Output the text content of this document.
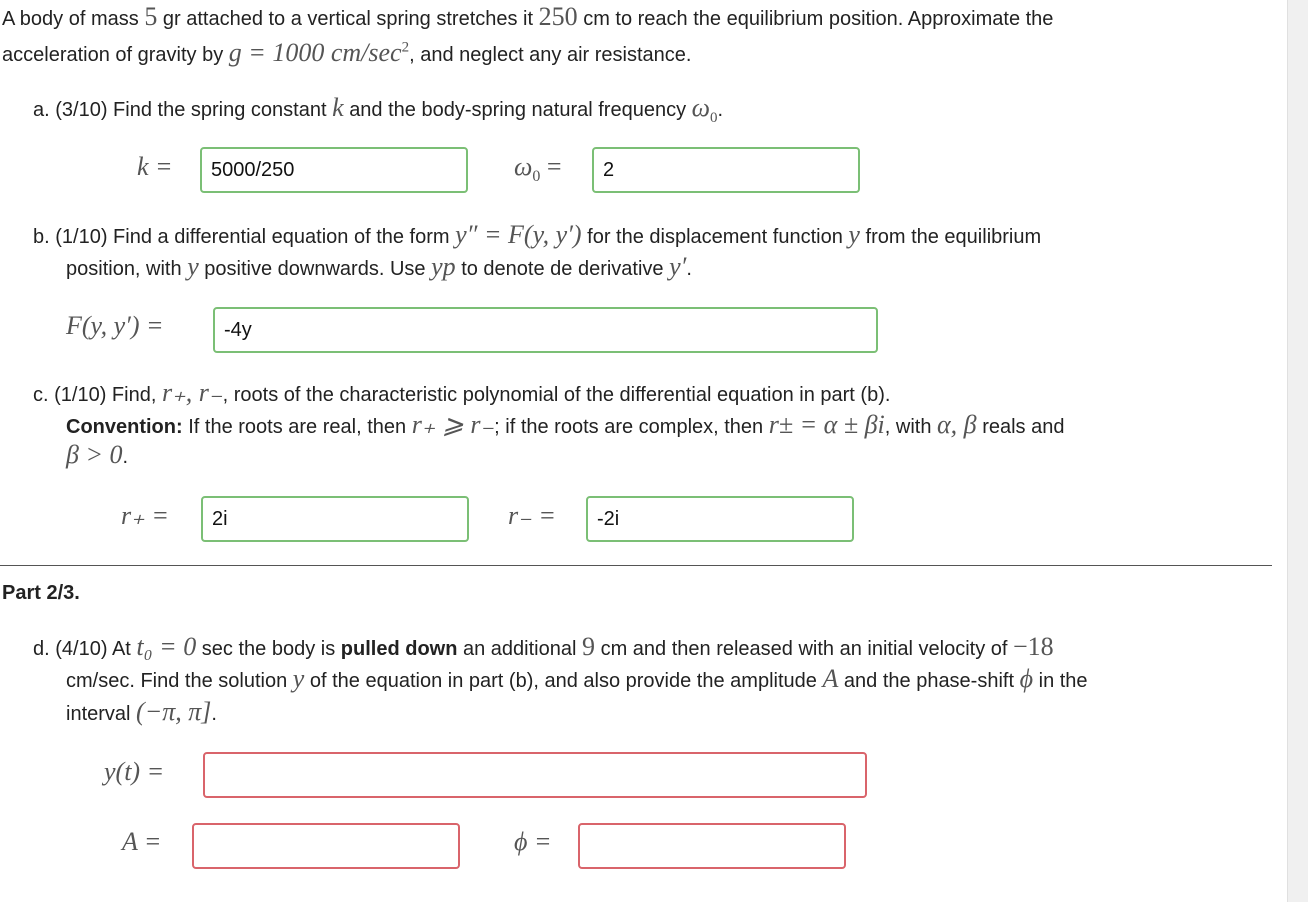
A body of mass 5 gr attached to a vertical spring stretches it 250 cm to reach the equilibrium position. Approximate the
acceleration of gravity by g = 1000 $cm/\sec^2$, and neglect any air resistance.
a. (3/10) Find the spring constant k and the body-spring natural frequency $\omega_0$.
k =
5000/250	$\omega_0$ =
2
b. (1/10) Find a differential equation of the form y″ = F(y, y′) for the displacement function y from the equilibrium
position, with y positive downwards. Use yp to denote de derivative y′.
F(y, y′) =
-4y
c. (1/10) Find, r₊, r₋, roots of the characteristic polynomial of the differential equation in part (b).
Convention: If the roots are real, then r₊ ⩾ r₋; if the roots are complex, then r± = α ± βi, with α, β reals and
β > 0.
r₊ =
2i	r₋ =
-2i
Part 2/3.
d. (4/10) At t₀ = 0 sec the body is pulled down an additional 9 cm and then released with an initial velocity of −18
cm/sec. Find the solution y of the equation in part (b), and also provide the amplitude A and the phase-shift ϕ in the
interval (−π, π].
y(t) =
A =	ϕ =
